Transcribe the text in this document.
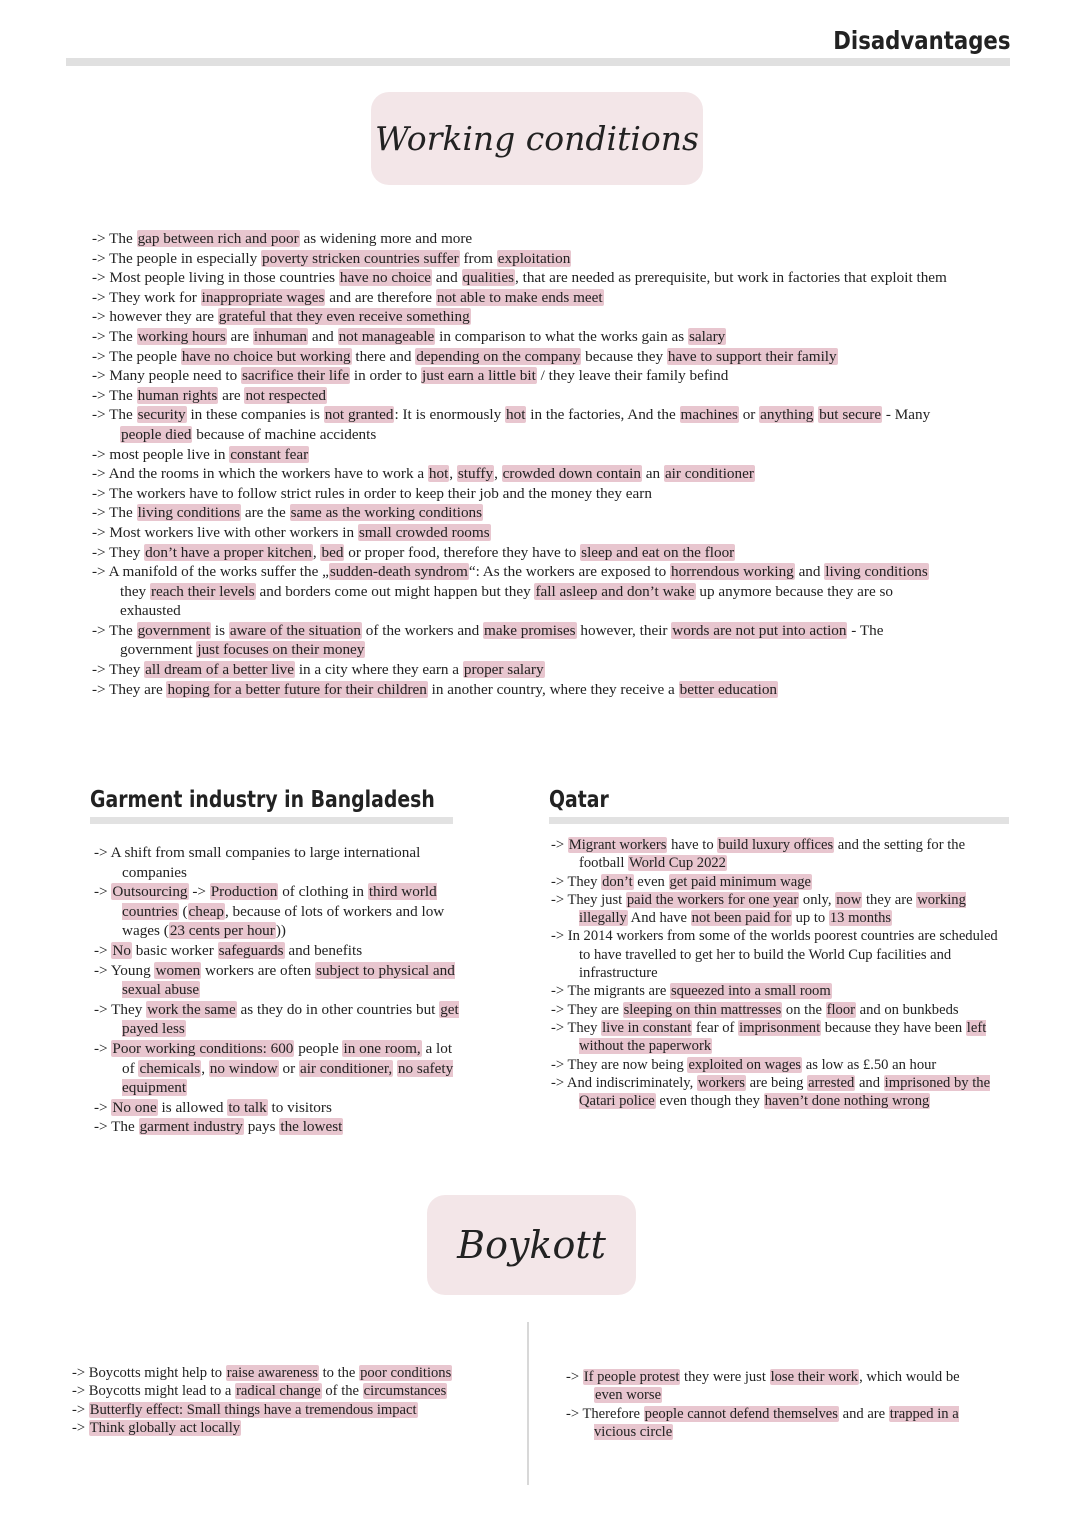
Disadvantages
Working conditions
-> The gap between rich and poor as widening more and more
-> The people in especially poverty stricken countries suffer from exploitation
-> Most people living in those countries have no choice and qualities, that are needed as prerequisite, but work in factories that exploit them
-> They work for inappropriate wages and are therefore not able to make ends meet
-> however they are grateful that they even receive something
-> The working hours are inhuman and not manageable in comparison to what the works gain as salary
-> The people have no choice but working there and depending on the company because they have to support their family
-> Many people need to sacrifice their life in order to just earn a little bit / they leave their family befind
-> The human rights are not respected
-> The security in these companies is not granted: It is enormously hot in the factories, And the machines or anything but secure - Many people died because of machine accidents
-> most people live in constant fear
-> And the rooms in which the workers have to work a hot, stuffy, crowded down contain an air conditioner
-> The workers have to follow strict rules in order to keep their job and the money they earn
-> The living conditions are the same as the working conditions
-> Most workers live with other workers in small crowded rooms
-> They don’t have a proper kitchen, bed or proper food, therefore they have to sleep and eat on the floor
-> A manifold of the works suffer the „sudden-death syndrom“: As the workers are exposed to horrendous working and living conditions they reach their levels and borders come out might happen but they fall asleep and don’t wake up anymore because they are so exhausted
-> The government is aware of the situation of the workers and make promises however, their words are not put into action - The government just focuses on their money
-> They all dream of a better live in a city where they earn a proper salary
-> They are hoping for a better future for their children in another country, where they receive a better education
Garment industry in Bangladesh
-> A shift from small companies to large international companies
-> Outsourcing -> Production of clothing in third world countries (cheap, because of lots of workers and low wages (23 cents per hour))
-> No basic worker safeguards and benefits
-> Young women workers are often subject to physical and sexual abuse
-> They work the same as they do in other countries but get payed less
-> Poor working conditions: 600 people in one room, a lot of chemicals, no window or air conditioner, no safety equipment
-> No one is allowed to talk to visitors
-> The garment industry pays the lowest
Qatar
-> Migrant workers have to build luxury offices and the setting for the football World Cup 2022
-> They don’t even get paid minimum wage
-> They just paid the workers for one year only, now they are working illegally And have not been paid for up to 13 months
-> In 2014 workers from some of the worlds poorest countries are scheduled to have travelled to get her to build the World Cup facilities and infrastructure
-> The migrants are squeezed into a small room
-> They are sleeping on thin mattresses on the floor and on bunkbeds
-> They live in constant fear of imprisonment because they have been left without the paperwork
-> They are now being exploited on wages as low as £.50 an hour
-> And indiscriminately, workers are being arrested and imprisoned by the Qatari police even though they haven’t done nothing wrong
Boykott
-> Boycotts might help to raise awareness to the poor conditions
-> Boycotts might lead to a radical change of the circumstances
-> Butterfly effect: Small things have a tremendous impact
-> Think globally act locally
-> If people protest they were just lose their work, which would be even worse
-> Therefore people cannot defend themselves and are trapped in a vicious circle
